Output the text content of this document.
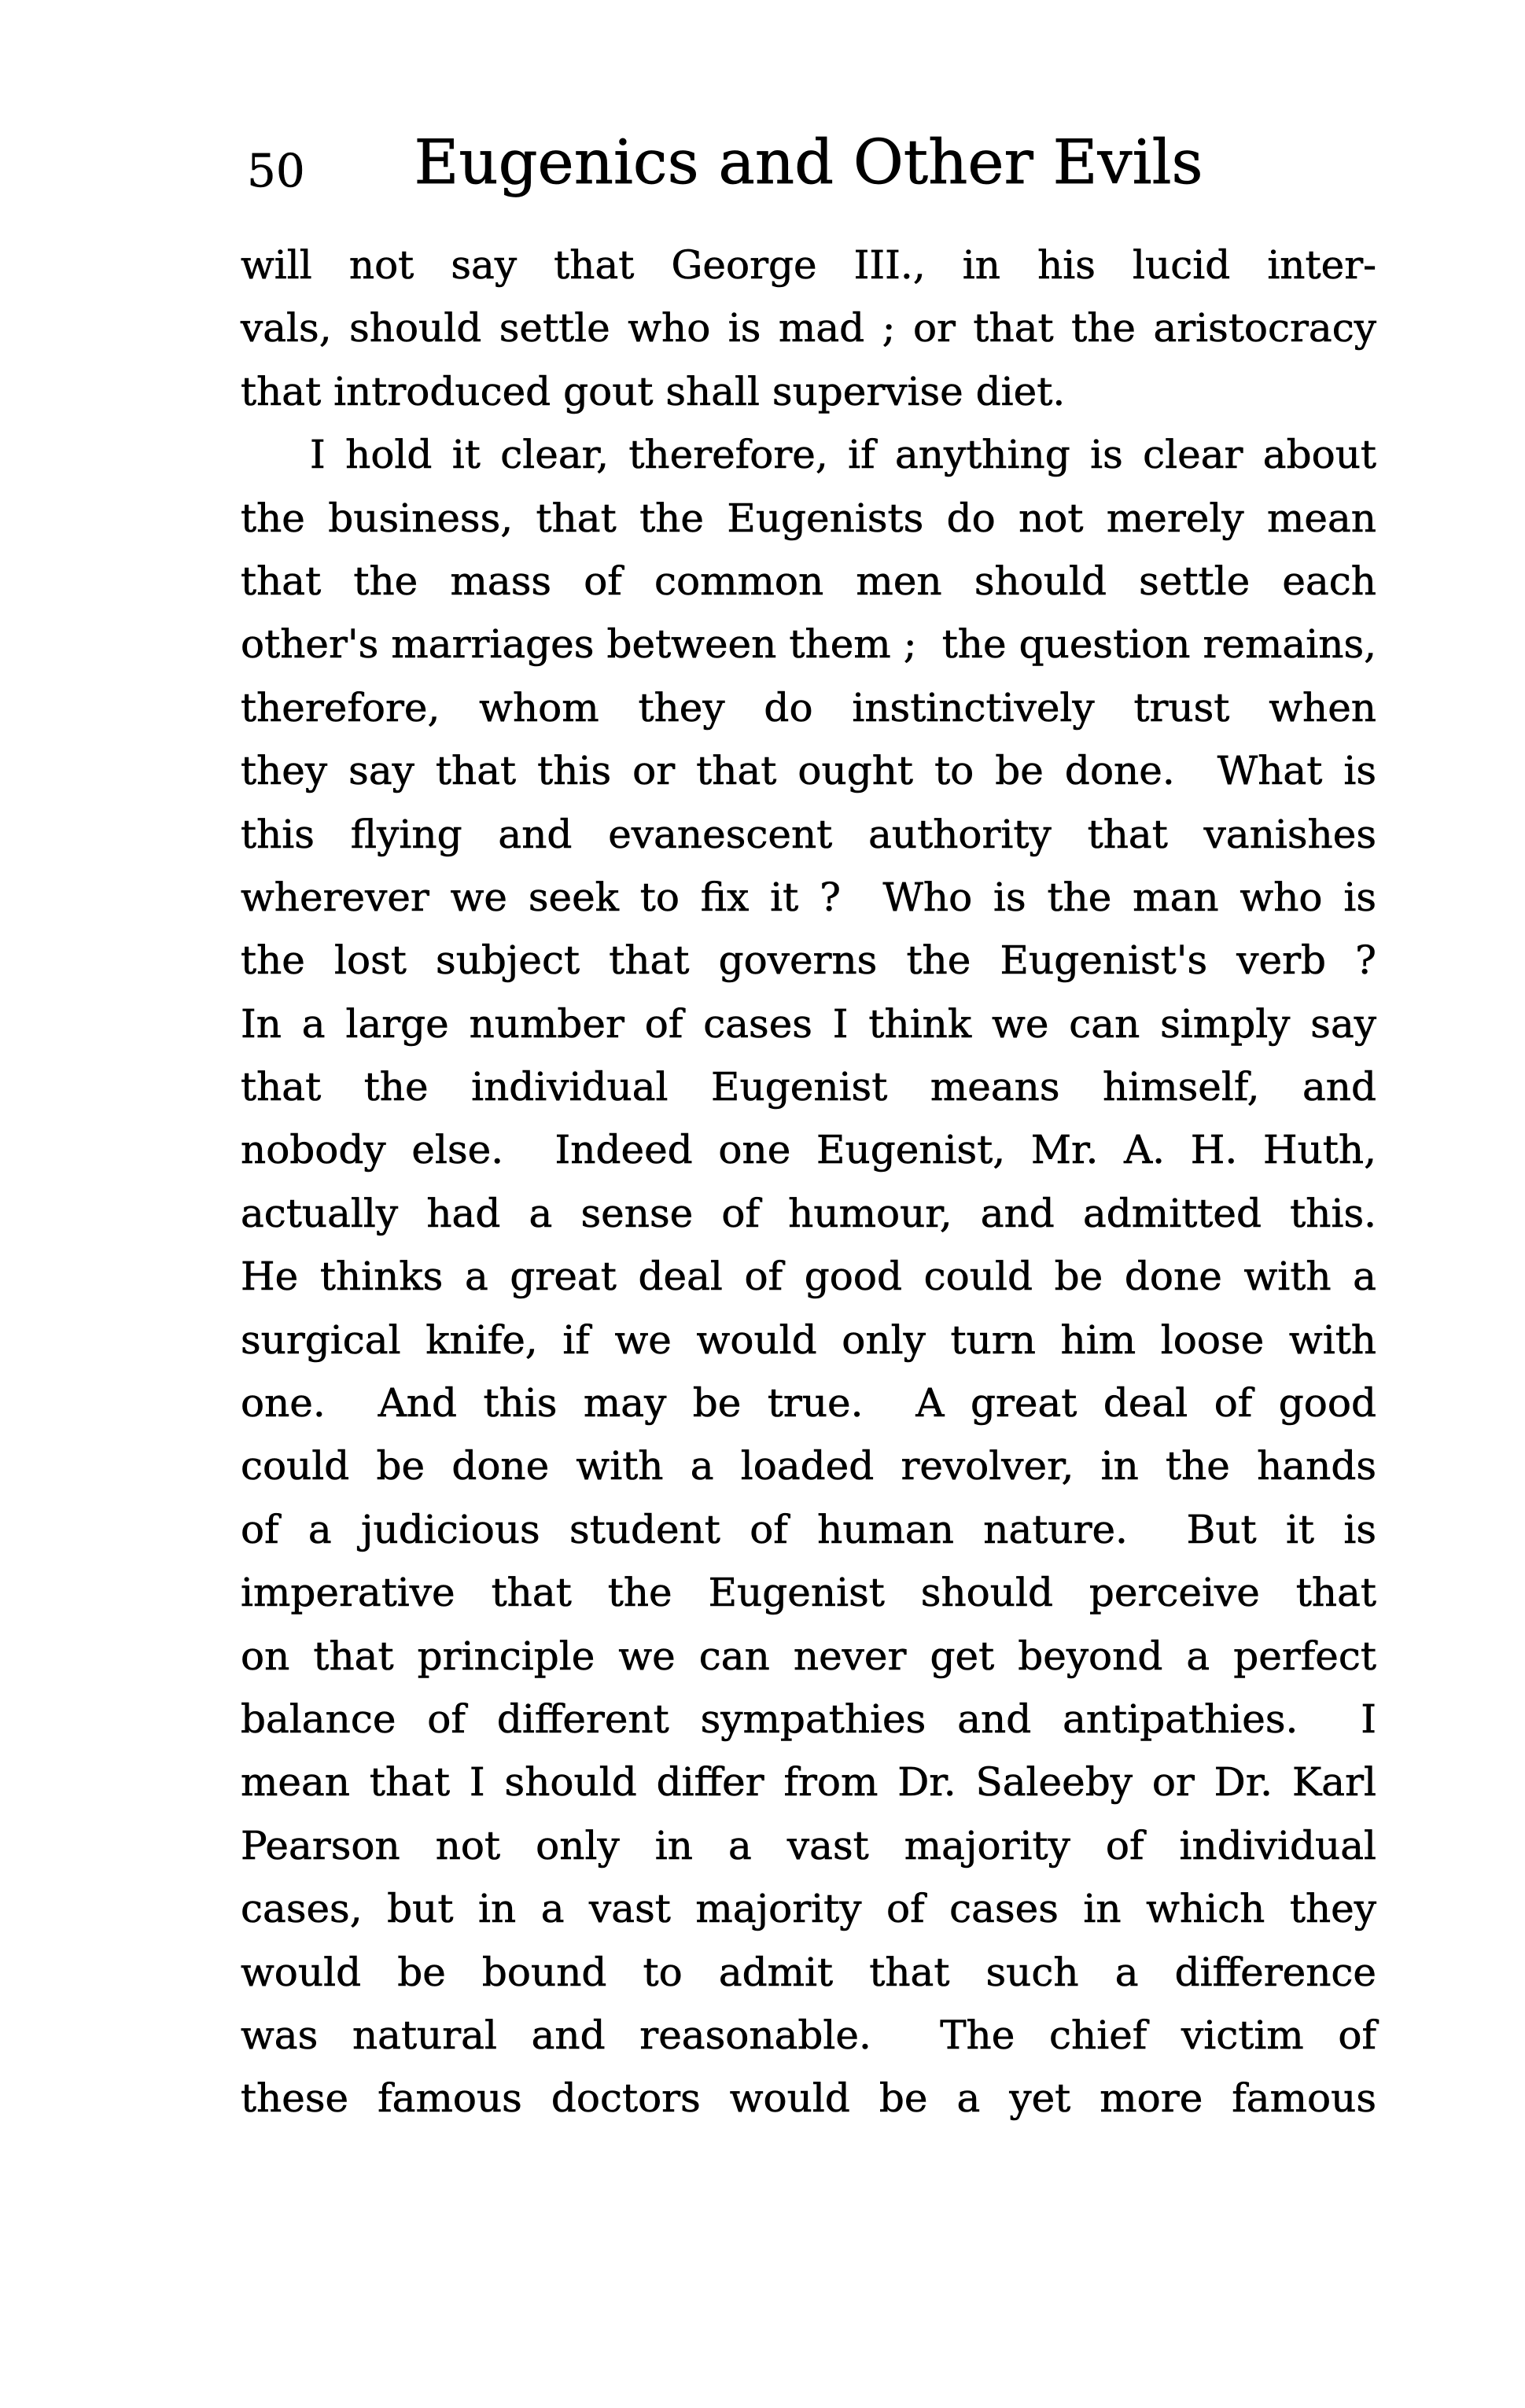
50	Eugenics and Other Evils
will not say that George III., in his lucid inter-
vals, should settle who is mad ; or that the aristocracy
that introduced gout shall supervise diet.
I hold it clear, therefore, if anything is clear about
the business, that the Eugenists do not merely mean
that the mass of common men should settle each
other's marriages between them ;  the question remains,
therefore, whom they do instinctively trust when
they say that this or that ought to be done.  What is
this flying and evanescent authority that vanishes
wherever we seek to fix it ?  Who is the man who is
the lost subject that governs the Eugenist's verb ?
In a large number of cases I think we can simply say
that the individual Eugenist means himself, and
nobody else.  Indeed one Eugenist, Mr. A. H. Huth,
actually had a sense of humour, and admitted this.
He thinks a great deal of good could be done with a
surgical knife, if we would only turn him loose with
one.  And this may be true.  A great deal of good
could be done with a loaded revolver, in the hands
of a judicious student of human nature.  But it is
imperative that the Eugenist should perceive that
on that principle we can never get beyond a perfect
balance of different sympathies and antipathies.  I
mean that I should differ from Dr. Saleeby or Dr. Karl
Pearson not only in a vast majority of individual
cases, but in a vast majority of cases in which they
would be bound to admit that such a difference
was natural and reasonable.  The chief victim of
these famous doctors would be a yet more famous
